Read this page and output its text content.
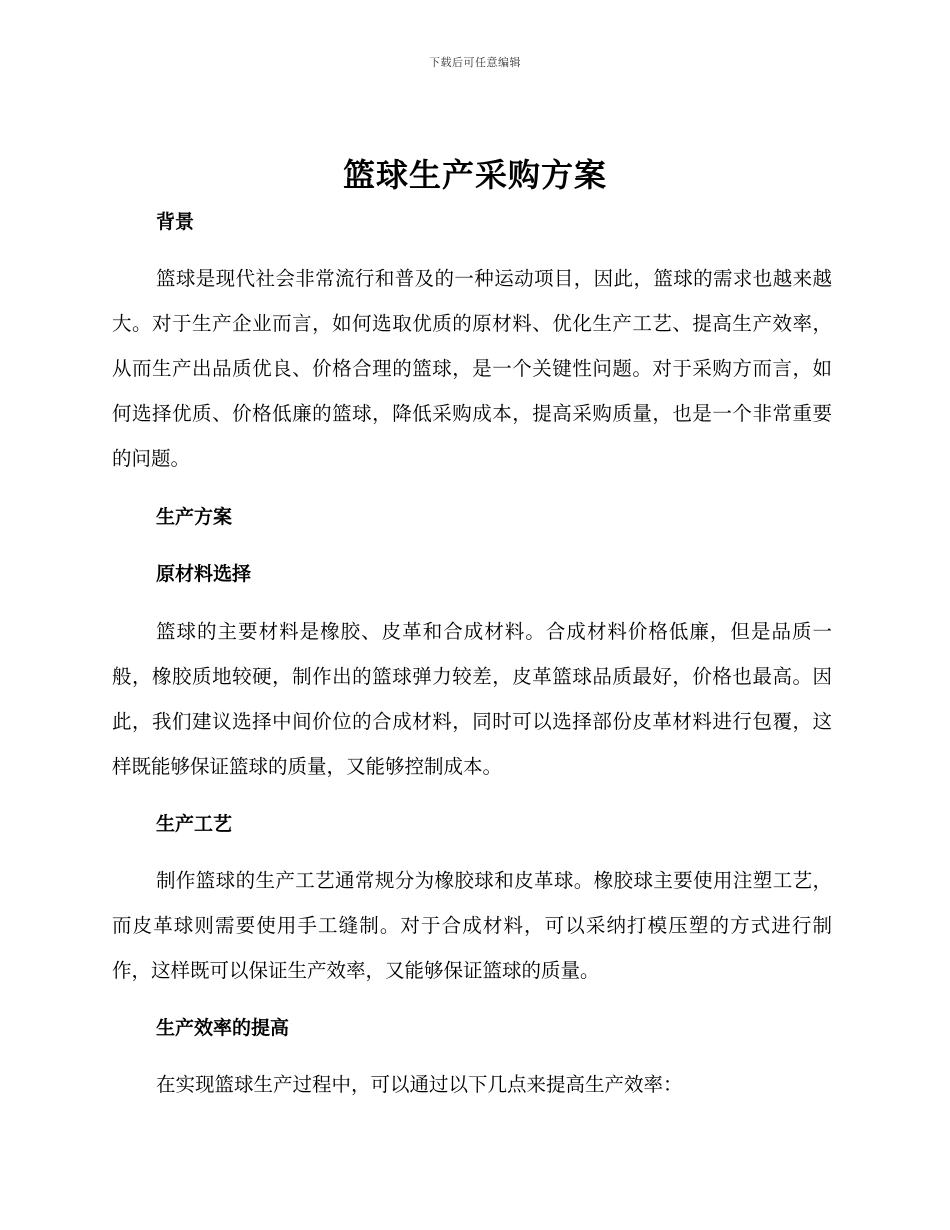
下载后可任意编辑
篮球生产采购方案
背景
篮球是现代社会非常流行和普及的一种运动项目，因此，篮球的需求也越来越大。对于生产企业而言，如何选取优质的原材料、优化生产工艺、提高生产效率，从而生产出品质优良、价格合理的篮球，是一个关键性问题。对于采购方而言，如何选择优质、价格低廉的篮球，降低采购成本，提高采购质量，也是一个非常重要的问题。
生产方案
原材料选择
篮球的主要材料是橡胶、皮革和合成材料。合成材料价格低廉，但是品质一般，橡胶质地较硬，制作出的篮球弹力较差，皮革篮球品质最好，价格也最高。因此，我们建议选择中间价位的合成材料，同时可以选择部份皮革材料进行包覆，这样既能够保证篮球的质量，又能够控制成本。
生产工艺
制作篮球的生产工艺通常规分为橡胶球和皮革球。橡胶球主要使用注塑工艺，而皮革球则需要使用手工缝制。对于合成材料，可以采纳打模压塑的方式进行制作，这样既可以保证生产效率，又能够保证篮球的质量。
生产效率的提高
在实现篮球生产过程中，可以通过以下几点来提高生产效率：
